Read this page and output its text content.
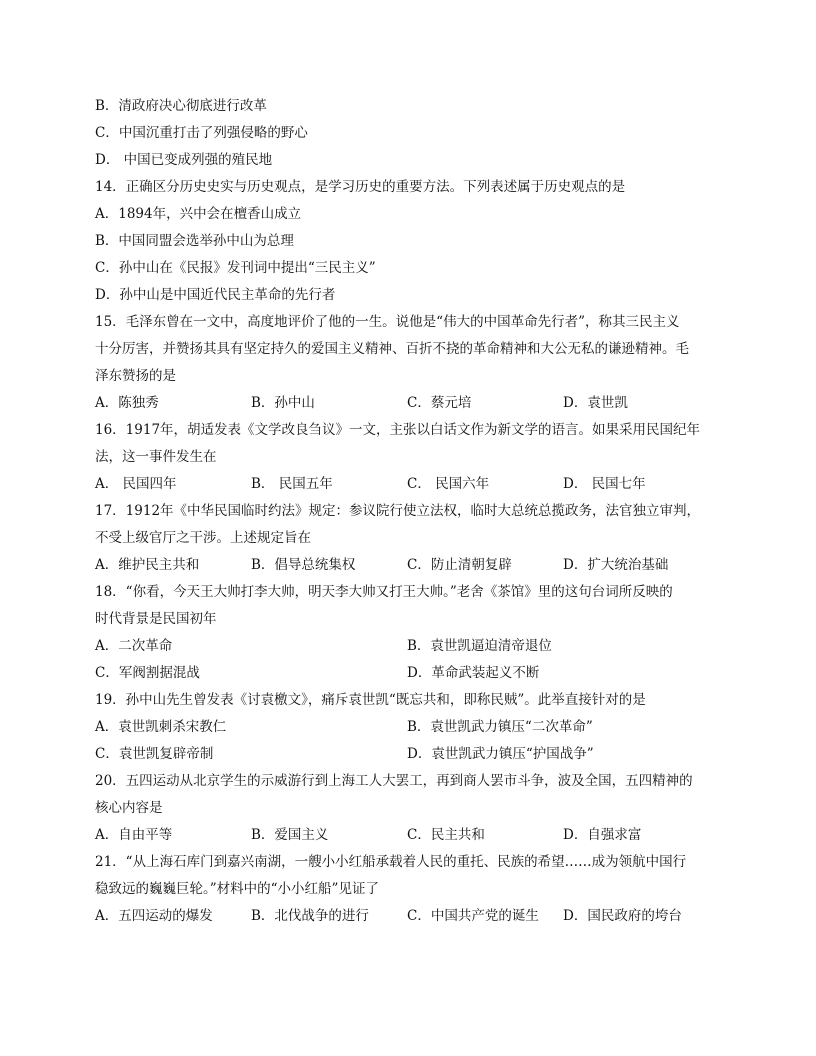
B．清政府决心彻底进行改革
C．中国沉重打击了列强侵略的野心
D． 中国已变成列强的殖民地
14．正确区分历史史实与历史观点，是学习历史的重要方法。下列表述属于历史观点的是
A．1894年，兴中会在檀香山成立
B．中国同盟会选举孙中山为总理
C．孙中山在《民报》发刊词中提出“三民主义”
D．孙中山是中国近代民主革命的先行者
15．毛泽东曾在一文中，高度地评价了他的一生。说他是“伟大的中国革命先行者”，称其三民主义
十分厉害，并赞扬其具有坚定持久的爱国主义精神、百折不挠的革命精神和大公无私的谦逊精神。毛
泽东赞扬的是
A．陈独秀	B．孙中山	C．蔡元培	D．袁世凯
16．1917年，胡适发表《文学改良刍议》一文，主张以白话文作为新文学的语言。如果采用民国纪年
法，这一事件发生在
A． 民国四年	B． 民国五年	C． 民国六年	D． 民国七年
17．1912年《中华民国临时约法》规定：参议院行使立法权，临时大总统总揽政务，法官独立审判，
不受上级官厅之干涉。上述规定旨在
A．维护民主共和	B．倡导总统集权	C．防止清朝复辟	D．扩大统治基础
18．“你看，今天王大帅打李大帅，明天李大帅又打王大帅。”老舍《茶馆》里的这句台词所反映的
时代背景是民国初年
A．二次革命	B．袁世凯逼迫清帝退位
C．军阀割据混战	D．革命武装起义不断
19．孙中山先生曾发表《讨袁檄文》，痛斥袁世凯“既忘共和，即称民贼”。此举直接针对的是
A．袁世凯刺杀宋教仁	B．袁世凯武力镇压“二次革命”
C．袁世凯复辟帝制	D．袁世凯武力镇压“护国战争”
20．五四运动从北京学生的示威游行到上海工人大罢工，再到商人罢市斗争，波及全国，五四精神的
核心内容是
A．自由平等	B．爱国主义	C．民主共和	D．自强求富
21．“从上海石库门到嘉兴南湖，一艘小小红船承载着人民的重托、民族的希望……成为领航中国行
稳致远的巍巍巨轮。”材料中的“小小红船”见证了
A．五四运动的爆发	B．北伐战争的进行	C．中国共产党的诞生	D．国民政府的垮台
